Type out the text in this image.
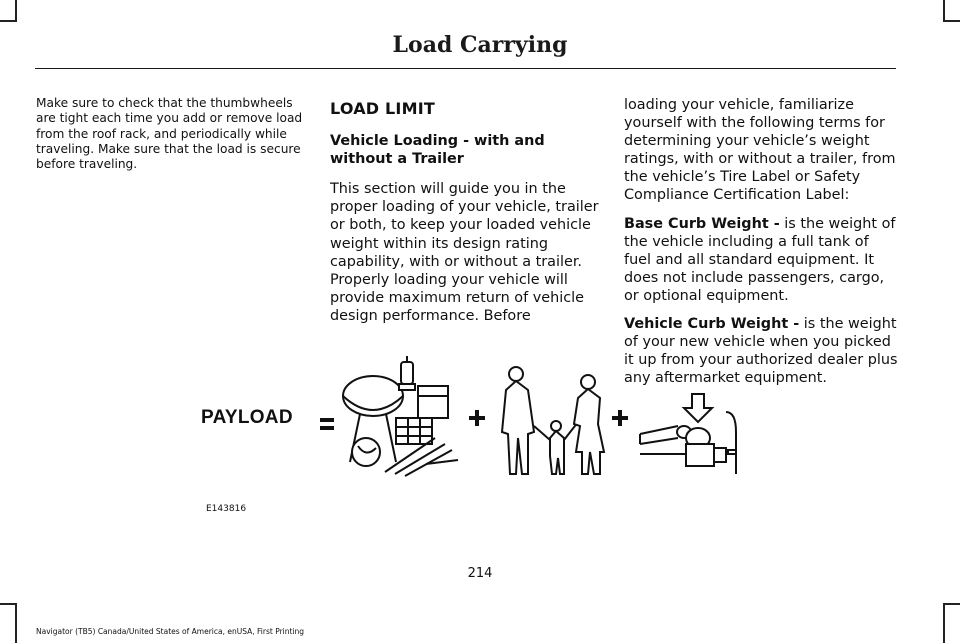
Load Carrying

Make sure to check that the thumbwheels are tight each time you add or remove load from the roof rack, and periodically while traveling. Make sure that the load is secure before traveling.

LOAD LIMIT
Vehicle Loading - with and without a Trailer

This section will guide you in the proper loading of your vehicle, trailer or both, to keep your loaded vehicle weight within its design rating capability, with or without a trailer. Properly loading your vehicle will provide maximum return of vehicle design performance. Before

loading your vehicle, familiarize yourself with the following terms for determining your vehicle’s weight ratings, with or without a trailer, from the vehicle’s Tire Label or Safety Compliance Certification Label:

Base Curb Weight - is the weight of the vehicle including a full tank of fuel and all standard equipment. It does not include passengers, cargo, or optional equipment.

Vehicle Curb Weight - is the weight of your new vehicle when you picked it up from your authorized dealer plus any aftermarket equipment.

PAYLOAD
E143816
214
Navigator (TB5) Canada/United States of America, enUSA, First Printing
